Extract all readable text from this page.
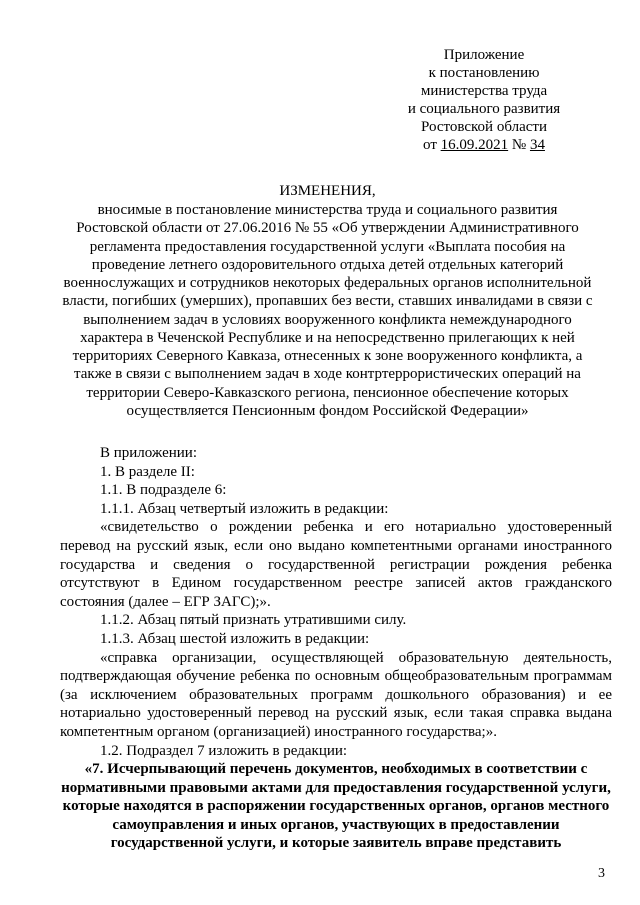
Приложение
к постановлению
министерства труда
и социального развития
Ростовской области
от 16.09.2021 № 34
ИЗМЕНЕНИЯ,
вносимые в постановление министерства труда и социального развития Ростовской области от 27.06.2016 № 55 «Об утверждении Административного регламента предоставления государственной услуги «Выплата пособия на проведение летнего оздоровительного отдыха детей отдельных категорий военнослужащих и сотрудников некоторых федеральных органов исполнительной власти, погибших (умерших), пропавших без вести, ставших инвалидами в связи с выполнением задач в условиях вооруженного конфликта немеждународного характера в Чеченской Республике и на непосредственно прилегающих к ней территориях Северного Кавказа, отнесенных к зоне вооруженного конфликта, а также в связи с выполнением задач в ходе контртеррористических операций на территории Северо-Кавказского региона, пенсионное обеспечение которых осуществляется Пенсионным фондом Российской Федерации»

В приложении:

1. В разделе II:

1.1. В подразделе 6:

1.1.1. Абзац четвертый изложить в редакции:

«свидетельство о рождении ребенка и его нотариально удостоверенный перевод на русский язык, если оно выдано компетентными органами иностранного государства и сведения о государственной регистрации рождения ребенка отсутствуют в Едином государственном реестре записей актов гражданского состояния (далее – ЕГР ЗАГС);».

1.1.2. Абзац пятый признать утратившими силу.

1.1.3. Абзац шестой изложить в редакции:

«справка организации, осуществляющей образовательную деятельность, подтверждающая обучение ребенка по основным общеобразовательным программам (за исключением образовательных программ дошкольного образования) и ее нотариально удостоверенный перевод на русский язык, если такая справка выдана компетентным органом (организацией) иностранного государства;».

1.2. Подраздел 7 изложить в редакции:

«7. Исчерпывающий перечень документов, необходимых в соответствии с нормативными правовыми актами для предоставления государственной услуги, которые находятся в распоряжении государственных органов, органов местного самоуправления и иных органов, участвующих в предоставлении государственной услуги, и которые заявитель вправе представить

3
